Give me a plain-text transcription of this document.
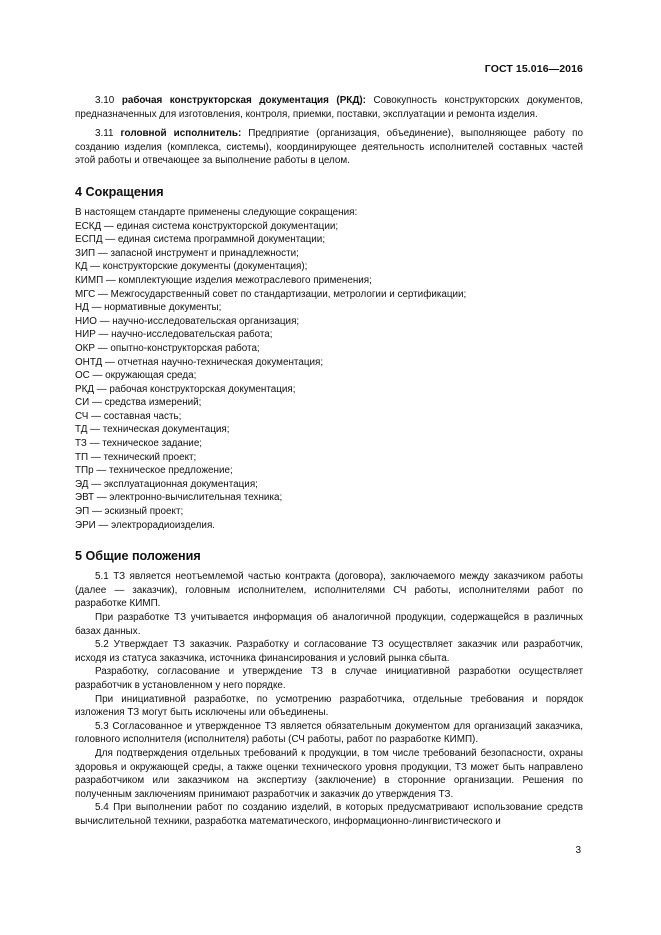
ГОСТ 15.016—2016

3.10 рабочая конструкторская документация (РКД): Совокупность конструкторских документов, предназначенных для изготовления, контроля, приемки, поставки, эксплуатации и ремонта изделия.

3.11 головной исполнитель: Предприятие (организация, объединение), выполняющее работу по созданию изделия (комплекса, системы), координирующее деятельность исполнителей составных частей этой работы и отвечающее за выполнение работы в целом.

4 Сокращения

В настоящем стандарте применены следующие сокращения:

ЕСКД — единая система конструкторской документации;
ЕСПД — единая система программной документации;
ЗИП — запасной инструмент и принадлежности;
КД — конструкторские документы (документация);
КИМП — комплектующие изделия межотраслевого применения;
МГС — Межгосударственный совет по стандартизации, метрологии и сертификации;
НД — нормативные документы;
НИО — научно-исследовательская организация;
НИР — научно-исследовательская работа;
ОКР — опытно-конструкторская работа;
ОНТД — отчетная научно-техническая документация;
ОС — окружающая среда;
РКД — рабочая конструкторская документация;
СИ — средства измерений;
СЧ — составная часть;
ТД — техническая документация;
ТЗ — техническое задание;
ТП — технический проект;
ТПр — техническое предложение;
ЭД — эксплуатационная документация;
ЭВТ — электронно-вычислительная техника;
ЭП — эскизный проект;
ЭРИ — электрорадиоизделия.
5 Общие положения

5.1 ТЗ является неотъемлемой частью контракта (договора), заключаемого между заказчиком работы (далее — заказчик), головным исполнителем, исполнителями СЧ работы, исполнителями работ по разработке КИМП.

При разработке ТЗ учитывается информация об аналогичной продукции, содержащейся в различных базах данных.

5.2 Утверждает ТЗ заказчик. Разработку и согласование ТЗ осуществляет заказчик или разработчик, исходя из статуса заказчика, источника финансирования и условий рынка сбыта.

Разработку, согласование и утверждение ТЗ в случае инициативной разработки осуществляет разработчик в установленном у него порядке.

При инициативной разработке, по усмотрению разработчика, отдельные требования и порядок изложения ТЗ могут быть исключены или объединены.

5.3 Согласованное и утвержденное ТЗ является обязательным документом для организаций заказчика, головного исполнителя (исполнителя) работы (СЧ работы, работ по разработке КИМП).

Для подтверждения отдельных требований к продукции, в том числе требований безопасности, охраны здоровья и окружающей среды, а также оценки технического уровня продукции, ТЗ может быть направлено разработчиком или заказчиком на экспертизу (заключение) в сторонние организации. Решения по полученным заключениям принимают разработчик и заказчик до утверждения ТЗ.

5.4 При выполнении работ по созданию изделий, в которых предусматривают использование средств вычислительной техники, разработка математического, информационно-лингвистического и

3
